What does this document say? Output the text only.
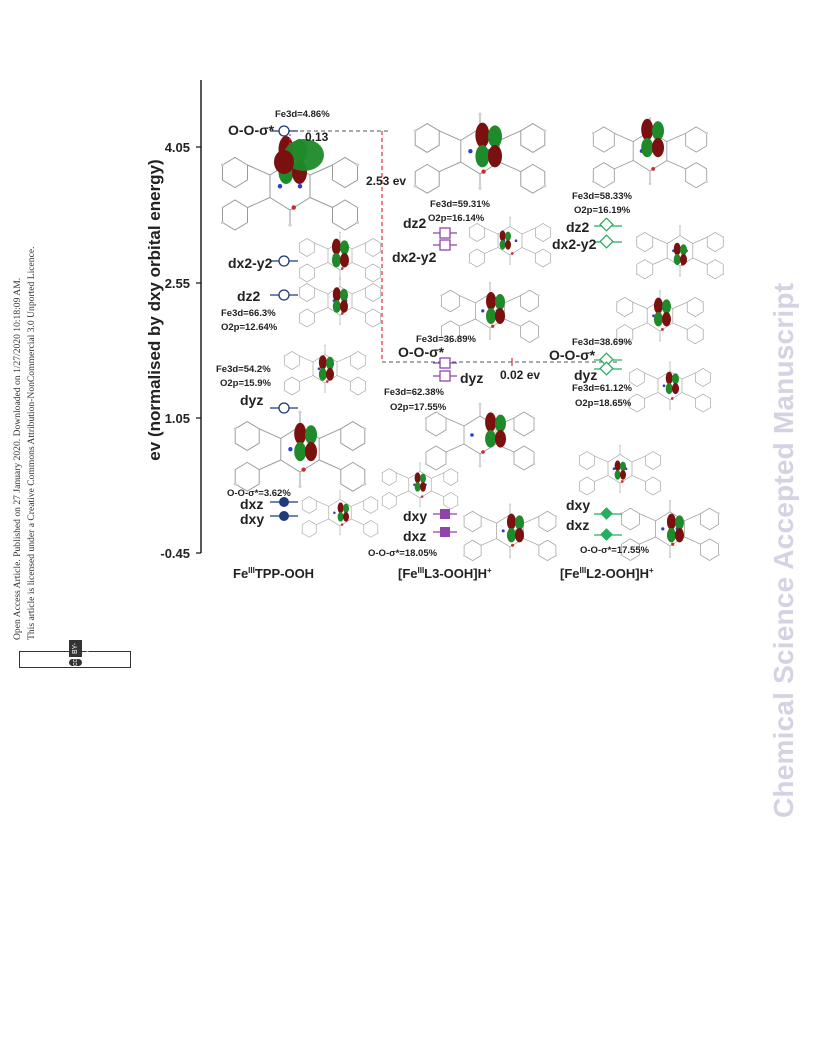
Open Access Article. Published on 27 January 2020. Downloaded on 1/27/2020 10:18:09 AM. This article is licensed under a Creative Commons Attribution-NonCommercial 3.0 Unported Licence.
cc
BY-NC	Chemical Science Accepted Manuscript
4.05
2.55
1.05
-0.45
ev (normalised by dxy orbital energy)
0.13
2.53 ev
0.02 ev
Fe3d=4.86%
O-O-σ*
dx2-y2
dz2
Fe3d=66.3%
O2p=12.64%
Fe3d=54.2%
O2p=15.9%
dyz
O-O-σ*=3.62%
dxz
dxy
Fe3d=59.31%
O2p=16.14%
dz2
dx2-y2
Fe3d=36.89%
O-O-σ*
dyz
Fe3d=62.38%
O2p=17.55%
dxy
dxz
O-O-σ*=18.05%
Fe3d=58.33%
O2p=16.19%
dz2
dx2-y2
Fe3d=38.69%
O-O-σ*
dyz
Fe3d=61.12%
O2p=18.65%
dxy
dxz
O-O-σ*=17.55%
$Fe^{III}TPP$-OOH	$[Fe^{III}L3-OOH]H^+$	$[Fe^{III}L2-OOH]H^+$
